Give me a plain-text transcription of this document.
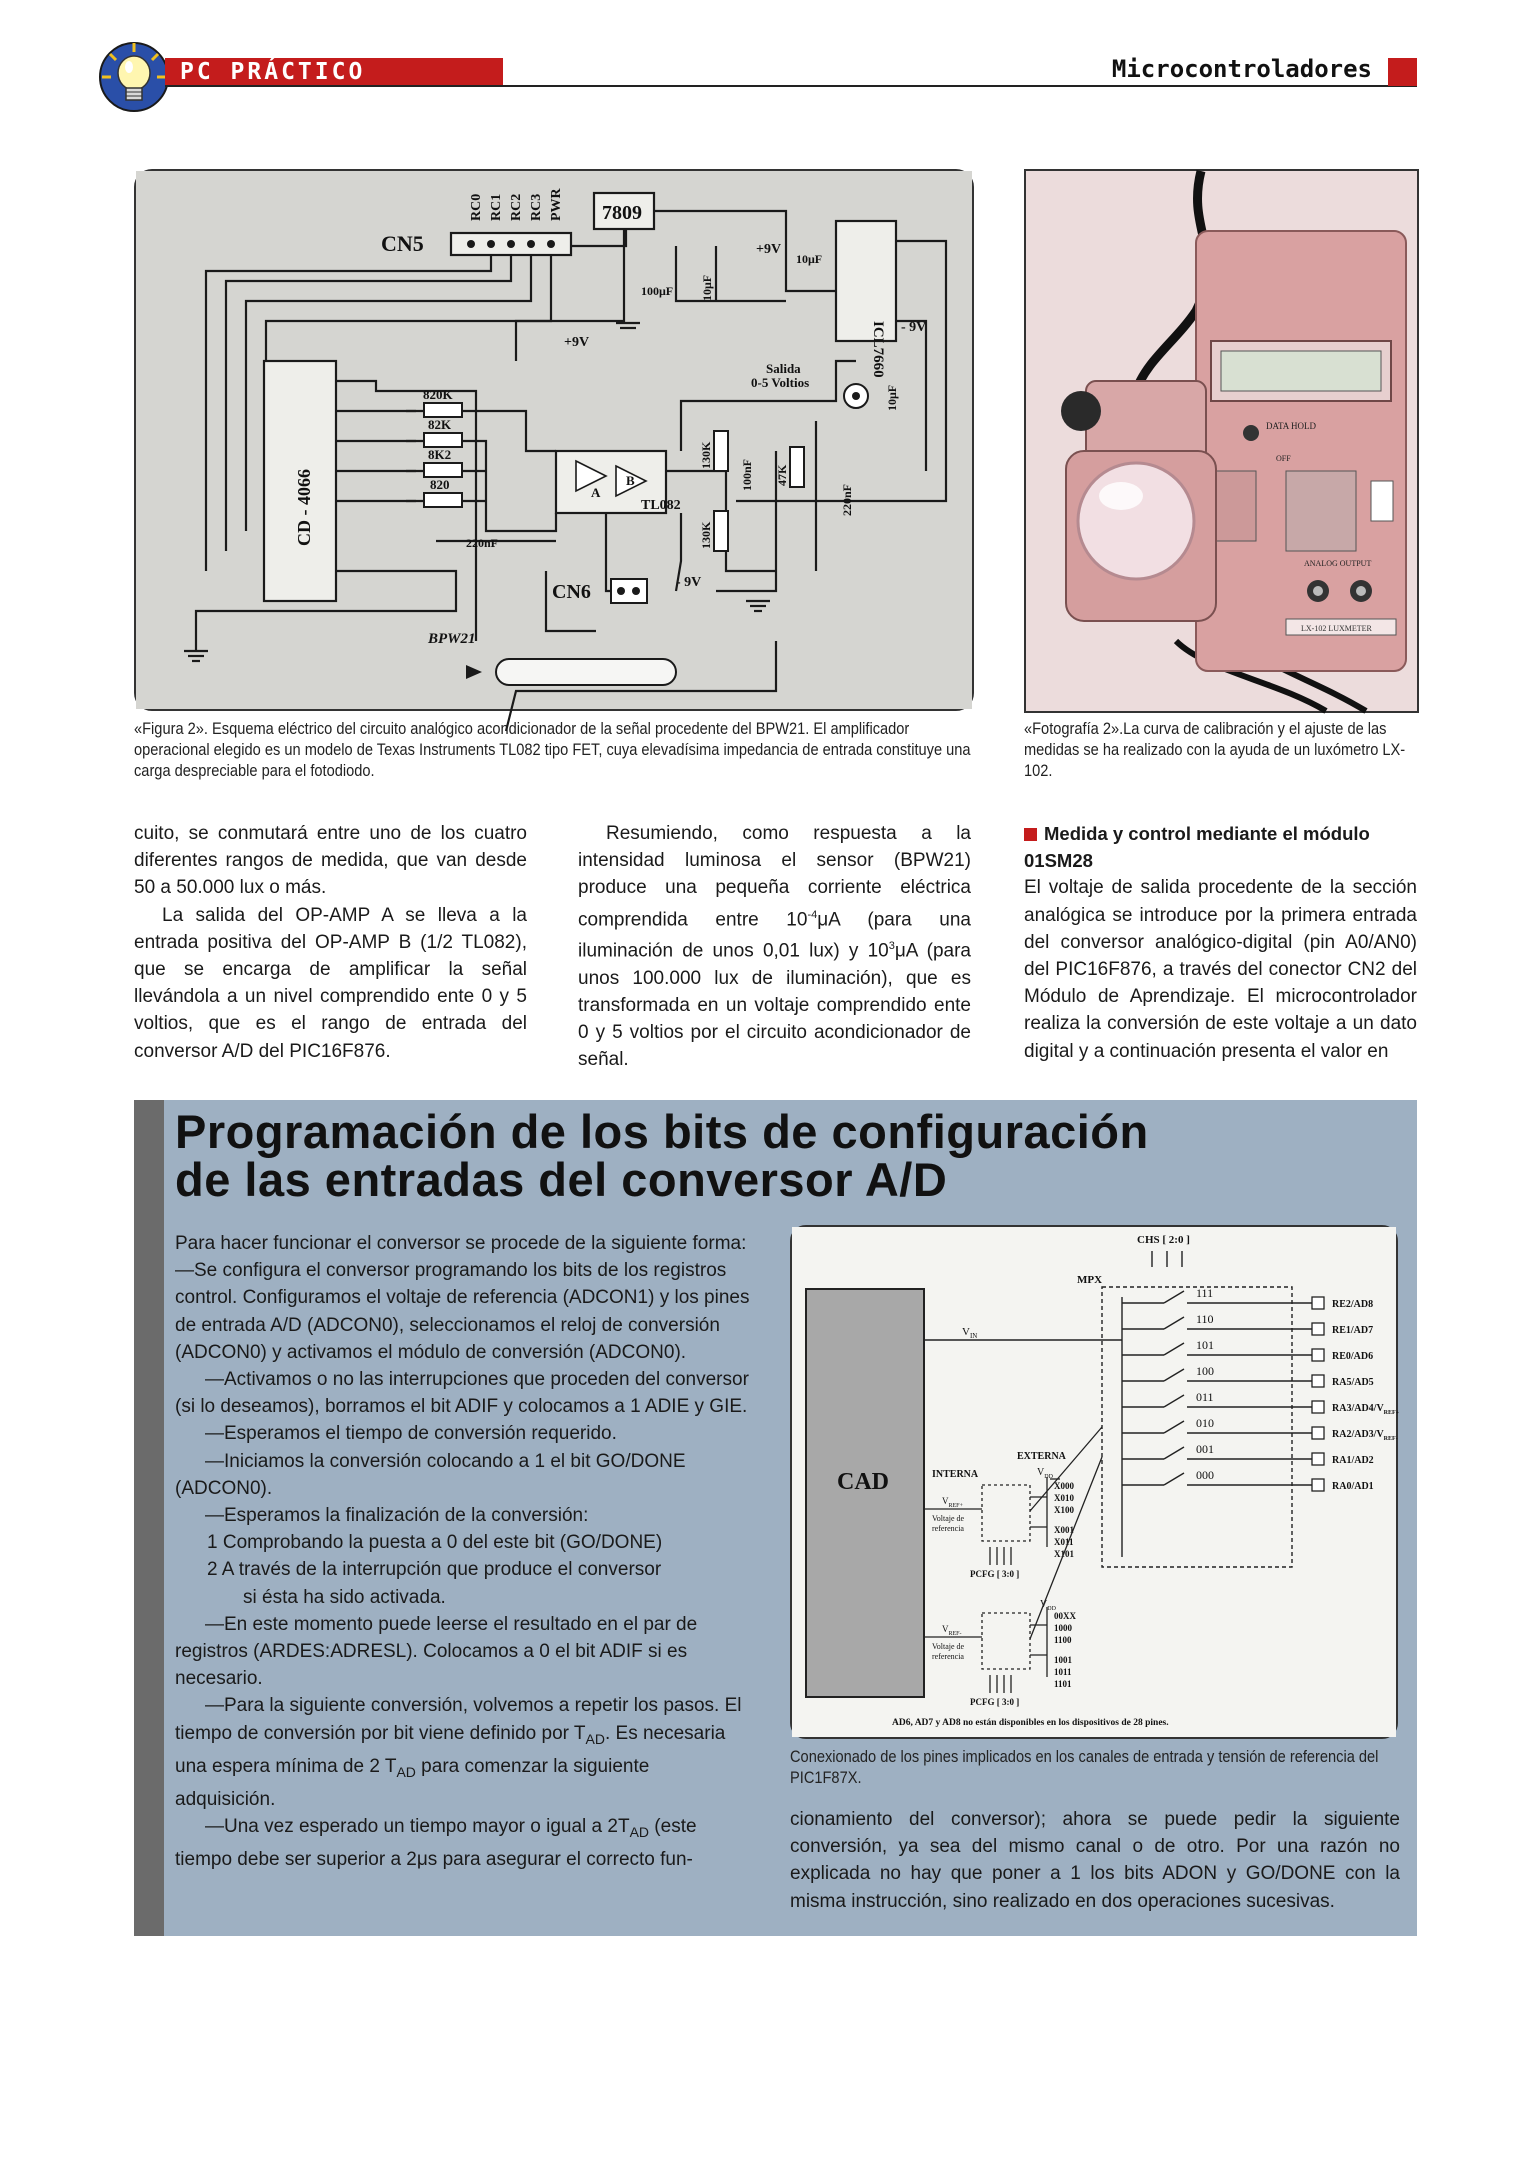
PC PRÁCTICO	Microcontroladores
CN5
7809
RC0 RC1 RC2 RC3 PWR
CD - 4066	TL082
ICL7660
820K
82K
8K2
820
130K
130K
47K
100μF 10μF
10μF
10μF
100nF
220nF
220nF
+9V
+9V
- 9V
- 9V
Salida
0-5 Voltios
CN6
BPW21
A
B
«Figura 2». Esquema eléctrico del circuito analógico acondicionador de la señal procedente del BPW21. El amplificador operacional elegido es un modelo de Texas Instruments TL082 tipo FET, cuya elevadísima impedancia de entrada constituye una carga despreciable para el fotodiodo.
DATA HOLD
OFF
ANALOG OUTPUT
LX-102 LUXMETER
«Fotografía 2».La curva de calibración y el ajuste de las medidas se ha realizado con la ayuda de un luxómetro LX-102.

cuito, se conmutará entre uno de los cuatro diferentes rangos de medida, que van desde 50 a 50.000 lux o más.

La salida del OP-AMP A se lleva a la entrada positiva del OP-AMP B (1/2 TL082), que se encarga de amplificar la señal llevándola a un nivel comprendido ente 0 y 5 voltios, que es el rango de entrada del conversor A/D del PIC16F876.

Resumiendo, como respuesta a la intensidad luminosa el sensor (BPW21) produce una pequeña corriente eléctrica comprendida entre $10^{-4}\mu A$ (para una iluminación de unos 0,01 lux) y $10^3\mu A$ (para unos 100.000 lux de iluminación), que es transformada en un voltaje comprendido ente 0 y 5 voltios por el circuito acondicionador de señal.

Medida y control mediante el módulo 01SM28

El voltaje de salida procedente de la sección analógica se introduce por la primera entrada del conversor analógico-digital (pin A0/AN0) del PIC16F876, a través del conector CN2 del Módulo de Aprendizaje. El microcontrolador realiza la conversión de este voltaje a un dato digital y a continuación presenta el valor en

Programación de los bits de configuración
de las entradas del conversor A/D

Para hacer funcionar el conversor se procede de la siguiente forma:

—Se configura el conversor programando los bits de los registros control. Configuramos el voltaje de referencia (ADCON1) y los pines de entrada A/D (ADCON0), seleccionamos el reloj de conversión (ADCON0) y activamos el módulo de conversión (ADCON0).

—Activamos o no las interrupciones que proceden del conversor (si lo deseamos), borramos el bit ADIF y colocamos a 1 ADIE y GIE.

—Esperamos el tiempo de conversión requerido.

—Iniciamos la conversión colocando a 1 el bit GO/DONE (ADCON0).

—Esperamos la finalización de la conversión:

1 Comprobando la puesta a 0 del este bit (GO/DONE)

2 A través de la interrupción que produce el conversor

si ésta ha sido activada.

—En este momento puede leerse el resultado en el par de registros (ARDES:ADRESL). Colocamos a 0 el bit ADIF si es necesario.

—Para la siguiente conversión, volvemos a repetir los pasos. El tiempo de conversión por bit viene definido por $T_{AD}$. Es necesaria una espera mínima de 2 $T_{AD}$ para comenzar la siguiente adquisición.

—Una vez esperado un tiempo mayor o igual a $2T_{AD}$ (este tiempo debe ser superior a 2μs para asegurar el correcto fun-

CAD
CHS [ 2:0 ]
MPX
$V_{IN}$
111
110
101
100
011
010
001
000
RE2/AD8
RE1/AD7
RE0/AD6
RA5/AD5
$RA3/AD4/V_{REF+}$
$RA2/AD3/V_{REF-}$
RA1/AD2
RA0/AD1
INTERNA
EXTERNA
$V_{DD}$
$V_{REF+}$
Voltaje de
referencia
X000
X010
X100
X001
X011
X101
PCFG [ 3:0 ]
$V_{DD}$
$V_{REF-}$
Voltaje de
referencia
00XX
1000
1100
1001
1011
1101
PCFG [ 3:0 ]
AD6, AD7 y AD8 no están disponibles en los dispositivos de 28 pines.
Conexionado de los pines implicados en los canales de entrada y tensión de referencia del PIC1F87X.

cionamiento del conversor); ahora se puede pedir la siguiente conversión, ya sea del mismo canal o de otro. Por una razón no explicada no hay que poner a 1 los bits ADON y GO/DONE con la misma instrucción, sino realizado en dos operaciones sucesivas.
